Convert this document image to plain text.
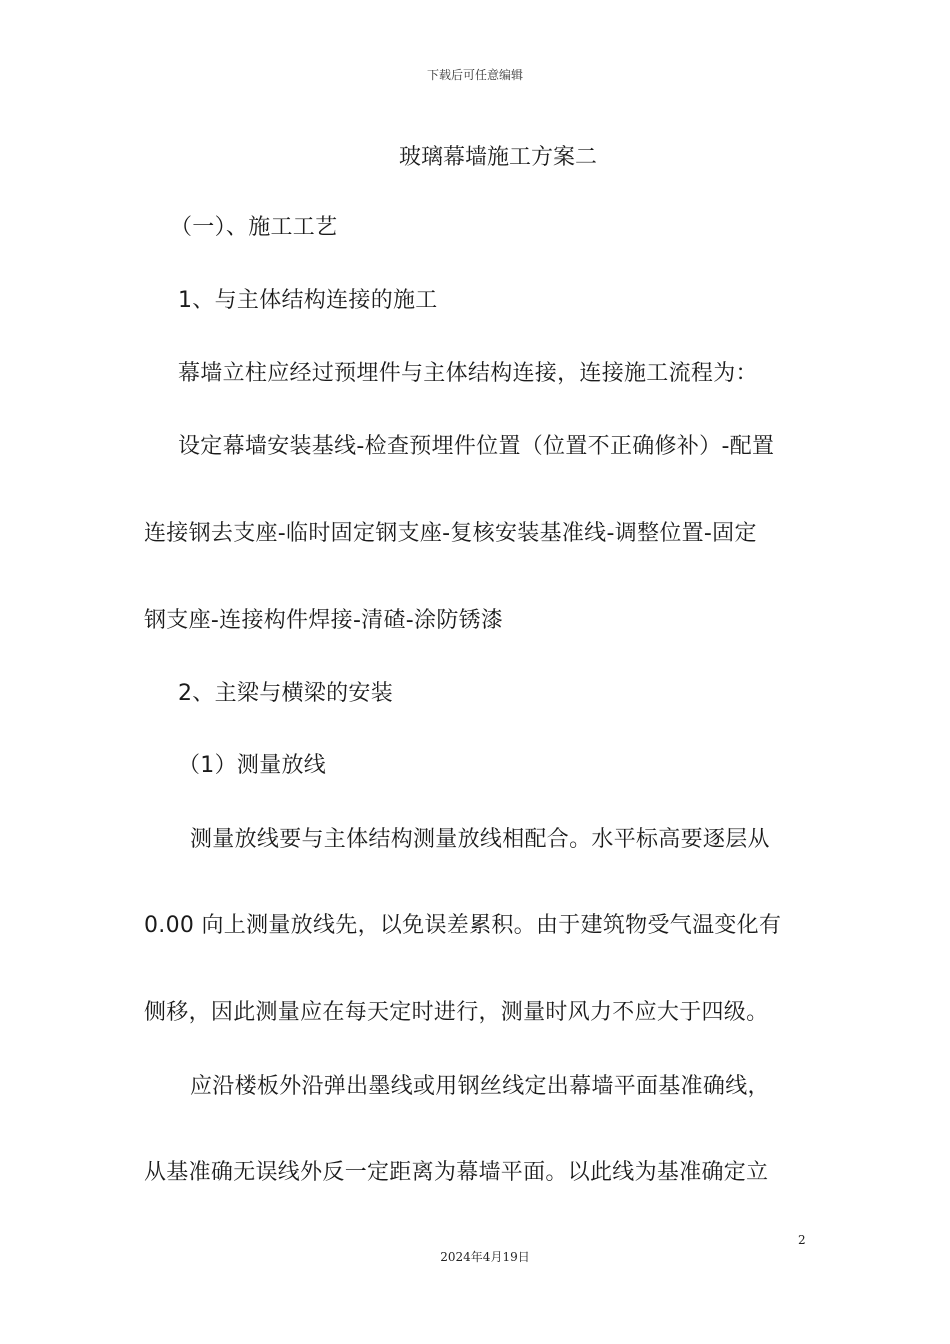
下载后可任意编辑
玻璃幕墙施工方案二
（一）、施工工艺
1、与主体结构连接的施工
幕墙立柱应经过预埋件与主体结构连接，连接施工流程为：
设定幕墙安装基线-检查预埋件位置（位置不正确修补）-配置
连接钢去支座-临时固定钢支座-复核安装基准线-调整位置-固定
钢支座-连接构件焊接-清碴-涂防锈漆
2、主梁与横梁的安装
（1）测量放线
测量放线要与主体结构测量放线相配合。水平标高要逐层从
0.00 向上测量放线先，以免误差累积。由于建筑物受气温变化有
侧移，因此测量应在每天定时进行，测量时风力不应大于四级。
应沿楼板外沿弹出墨线或用钢丝线定出幕墙平面基准确线，
从基准确无误线外反一定距离为幕墙平面。以此线为基准确定立
2
2024年4月19日
